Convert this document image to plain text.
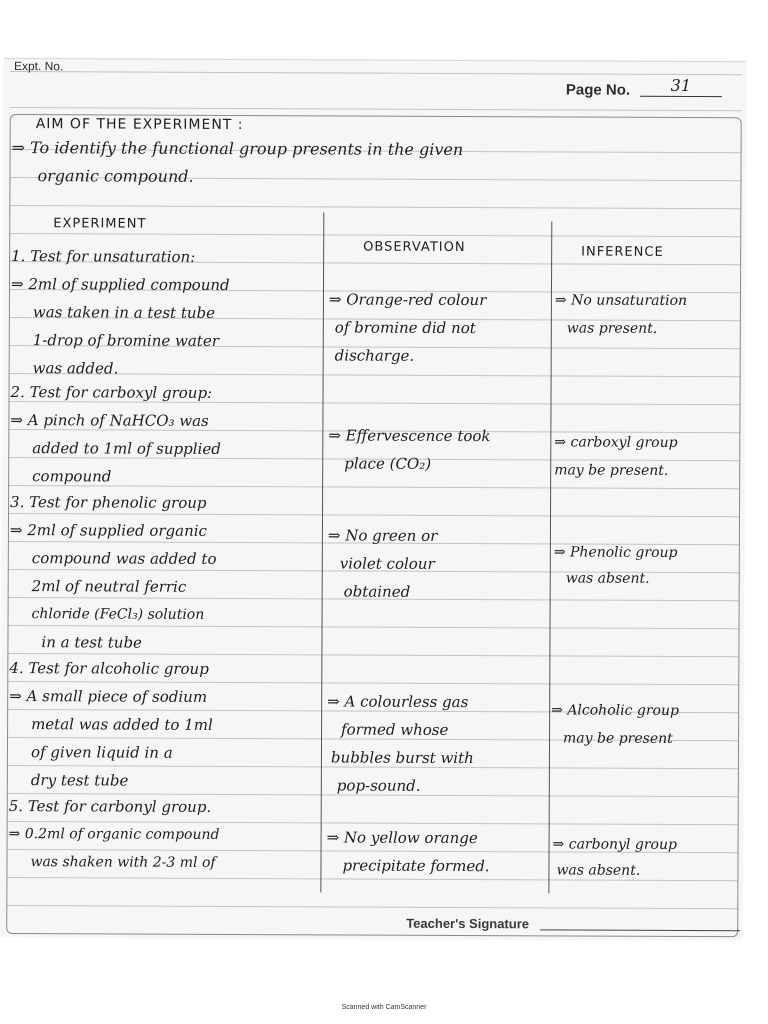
Expt. No.
Page No.	31
AIM OF THE EXPERIMENT :
⇒ To identify the functional group presents in the given
organic compound.
EXPERIMENT
OBSERVATION	INFERENCE
1. Test for unsaturation:
⇒ 2ml of supplied compound
was taken in a test tube
1-drop of bromine water
was added.
⇒ Orange-red colour
of bromine did not
discharge.
⇒ No unsaturation
was present.
2. Test for carboxyl group:
⇒ A pinch of NaHCO₃ was
added to 1ml of supplied
compound
⇒ Effervescence took
place (CO₂)
⇒ carboxyl group
may be present.
3. Test for phenolic group
⇒ 2ml of supplied organic
compound was added to
2ml of neutral ferric
chloride (FeCl₃) solution
in a test tube
⇒ No green or
violet colour
obtained
⇒ Phenolic group
was absent.
4. Test for alcoholic group
⇒ A small piece of sodium
metal was added to 1ml
of given liquid in a
dry test tube
⇒ A colourless gas
formed whose
bubbles burst with
pop-sound.
⇒ Alcoholic group
may be present
5. Test for carbonyl group.
⇒ 0.2ml of organic compound
was shaken with 2-3 ml of
⇒ No yellow orange
precipitate formed.
⇒ carbonyl group
was absent.
Teacher's Signature
Scanned with CamScanner
